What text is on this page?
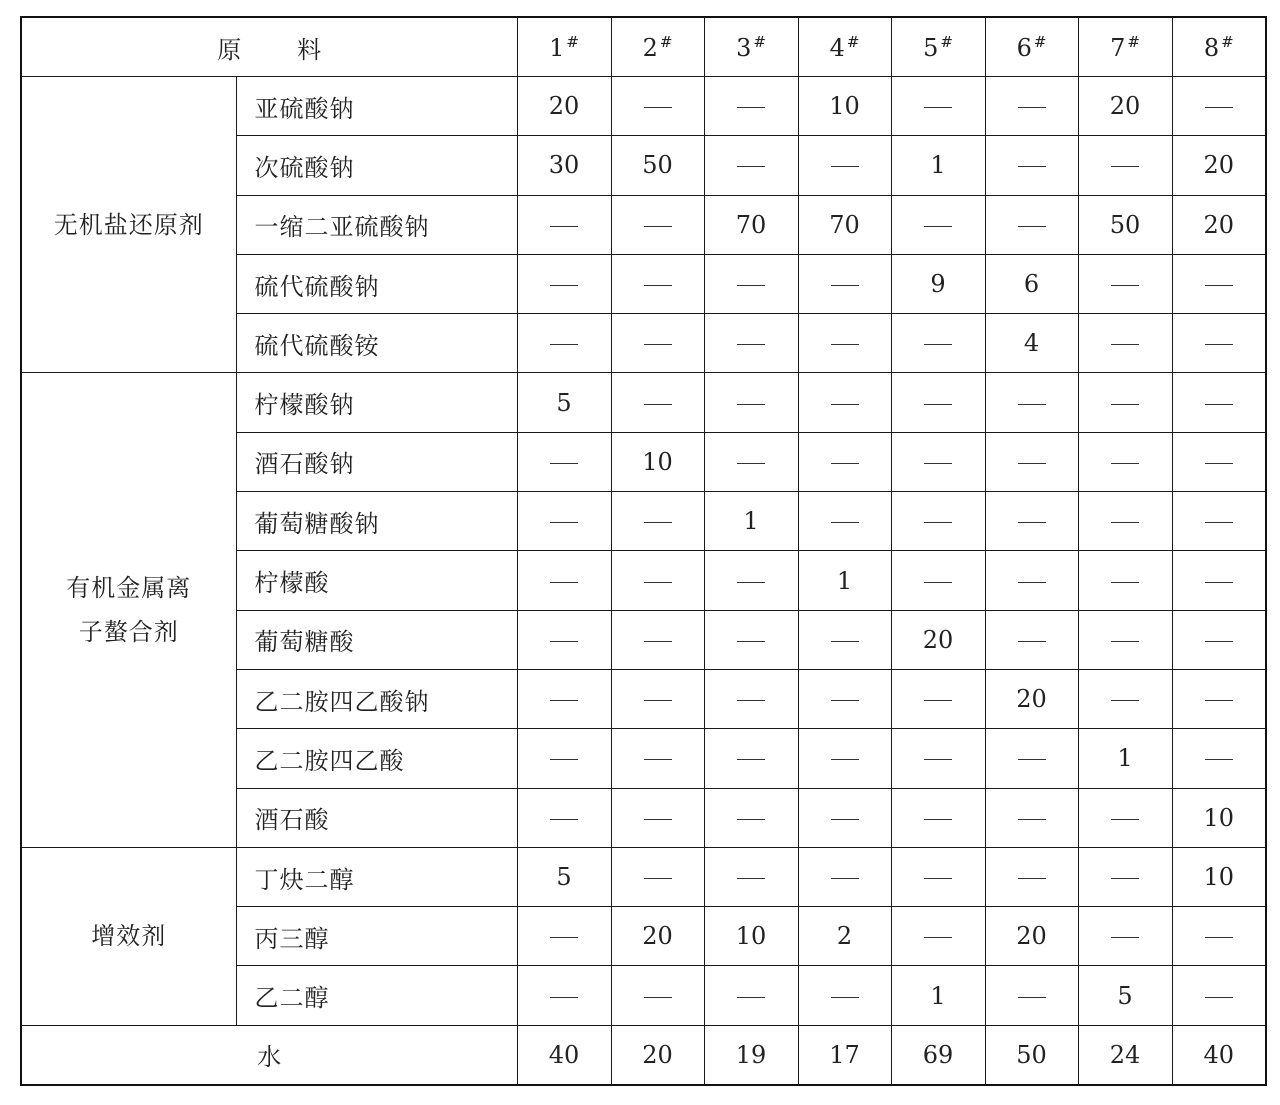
原 料		1 #	2 #	3 #	4 #	5 #	6 #	7 #	8 #

无机盐还原剂	亚硫酸钠	20			10			20	
	次硫酸钠	30	50			1			20
	一缩二亚硫酸钠			70	70			50	20
	硫代硫酸钠					9	6		
	硫代硫酸铵						4		

有机金属离
子螯合剂	柠檬酸钠	5							
	酒石酸钠		10						
	葡萄糖酸钠			1					
	柠檬酸				1				
	葡萄糖酸					20			
	乙二胺四乙酸钠						20		
	乙二胺四乙酸							1	
	酒石酸								10

增效剂	丁炔二醇	5							10
	丙三醇		20	10	2		20		
	乙二醇					1		5	
水		40	20	19	17	69	50	24	40
